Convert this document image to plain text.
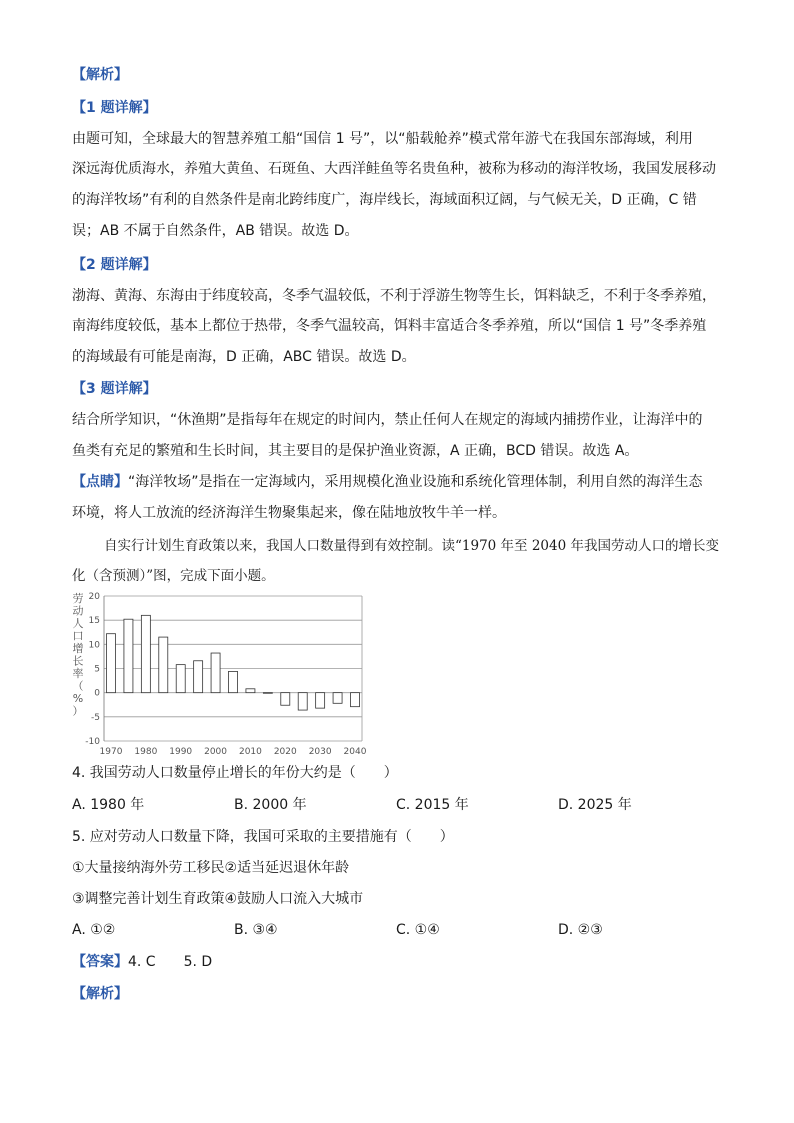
【解析】
【1 题详解】
由题可知，全球最大的智慧养殖工船“国信 1 号”，以“船载舱养”模式常年游弋在我国东部海域，利用
深远海优质海水，养殖大黄鱼、石斑鱼、大西洋鲑鱼等名贵鱼种，被称为移动的海洋牧场，我国发展移动
的海洋牧场”有利的自然条件是南北跨纬度广，海岸线长，海域面积辽阔，与气候无关，D 正确，C 错
误；AB 不属于自然条件，AB 错误。故选 D。
【2 题详解】
渤海、黄海、东海由于纬度较高，冬季气温较低，不利于浮游生物等生长，饵料缺乏，不利于冬季养殖，
南海纬度较低，基本上都位于热带，冬季气温较高，饵料丰富适合冬季养殖，所以“国信 1 号”冬季养殖
的海域最有可能是南海，D 正确，ABC 错误。故选 D。
【3 题详解】
结合所学知识，“休渔期”是指每年在规定的时间内，禁止任何人在规定的海域内捕捞作业，让海洋中的
鱼类有充足的繁殖和生长时间，其主要目的是保护渔业资源，A 正确，BCD 错误。故选 A。
【点睛】“海洋牧场”是指在一定海域内，采用规模化渔业设施和系统化管理体制，利用自然的海洋生态
环境，将人工放流的经济海洋生物聚集起来，像在陆地放牧牛羊一样。
自实行计划生育政策以来，我国人口数量得到有效控制。读“1970 年至 2040 年我国劳动人口的增长变
化（含预测）”图，完成下面小题。
20
15
10
5
0
-5
-10
1970 1980 1990 2000 2010 2020 2030 2040
劳
动
人
口
增
长
率
（
%
）
4. 我国劳动人口数量停止增长的年份大约是（　　）
A. 1980 年	B. 2000 年	C. 2015 年	D. 2025 年
5. 应对劳动人口数量下降，我国可采取的主要措施有（　　）
①大量接纳海外劳工移民②适当延迟退休年龄
③调整完善计划生育政策④鼓励人口流入大城市
A. ①②	B. ③④	C. ①④	D. ②③
【答案】4. C　　5. D
【解析】
